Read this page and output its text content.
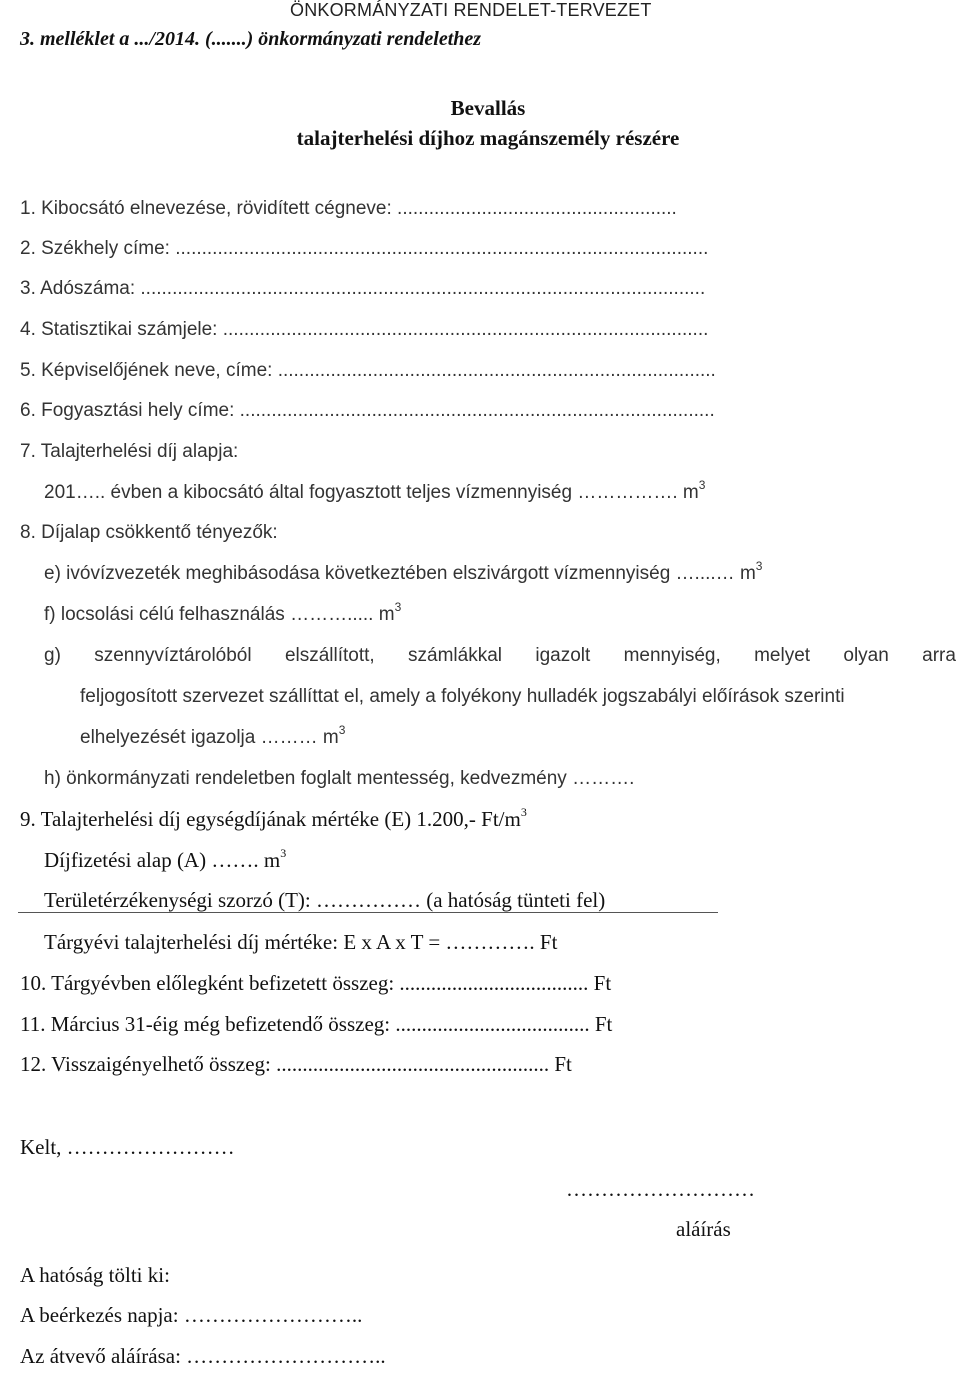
ÖNKORMÁNYZATI RENDELET-TERVEZET
3. melléklet a .../2014. (.......) önkormányzati rendelethez
Bevallás
talajterhelési díjhoz magánszemély részére
1. Kibocsátó elnevezése, rövidített cégneve: .....................................................
2. Székhely címe: .....................................................................................................
3. Adószáma: ...........................................................................................................
4. Statisztikai számjele: ............................................................................................
5. Képviselőjének neve, címe: ...................................................................................
6. Fogyasztási hely címe: ..........................................................................................
7. Talajterhelési díj alapja:
201….. évben a kibocsátó által fogyasztott teljes vízmennyiség ……………. $m^3$
8. Díjalap csökkentő tényezők:
e) ivóvízvezeték meghibásodása következtében elszivárgott vízmennyiség …....… $m^3$
f) locsolási célú felhasználás ………..... $m^3$
g) szennyvíztárolóból elszállított, számlákkal igazolt mennyiség, melyet olyan arra
feljogosított szervezet szállíttat el, amely a folyékony hulladék jogszabályi előírások szerinti
elhelyezését igazolja ……… $m^3$
h) önkormányzati rendeletben foglalt mentesség, kedvezmény ……….
9. Talajterhelési díj egységdíjának mértéke (E) 1.200,- $Ft/m^3$
Díjfizetési alap (A) ……. $m^3$
Területérzékenységi szorzó (T): …………… (a hatóság tünteti fel)
Tárgyévi talajterhelési díj mértéke: E x A x T = …………. Ft
10. Tárgyévben előlegként befizetett összeg: .................................... Ft
11. Március 31-éig még befizetendő összeg: ..................................... Ft
12. Visszaigényelhető összeg: .................................................... Ft
Kelt, ……………………
………………………
aláírás
A hatóság tölti ki:
A beérkezés napja: ……………………..
Az átvevő aláírása: ………………………..
